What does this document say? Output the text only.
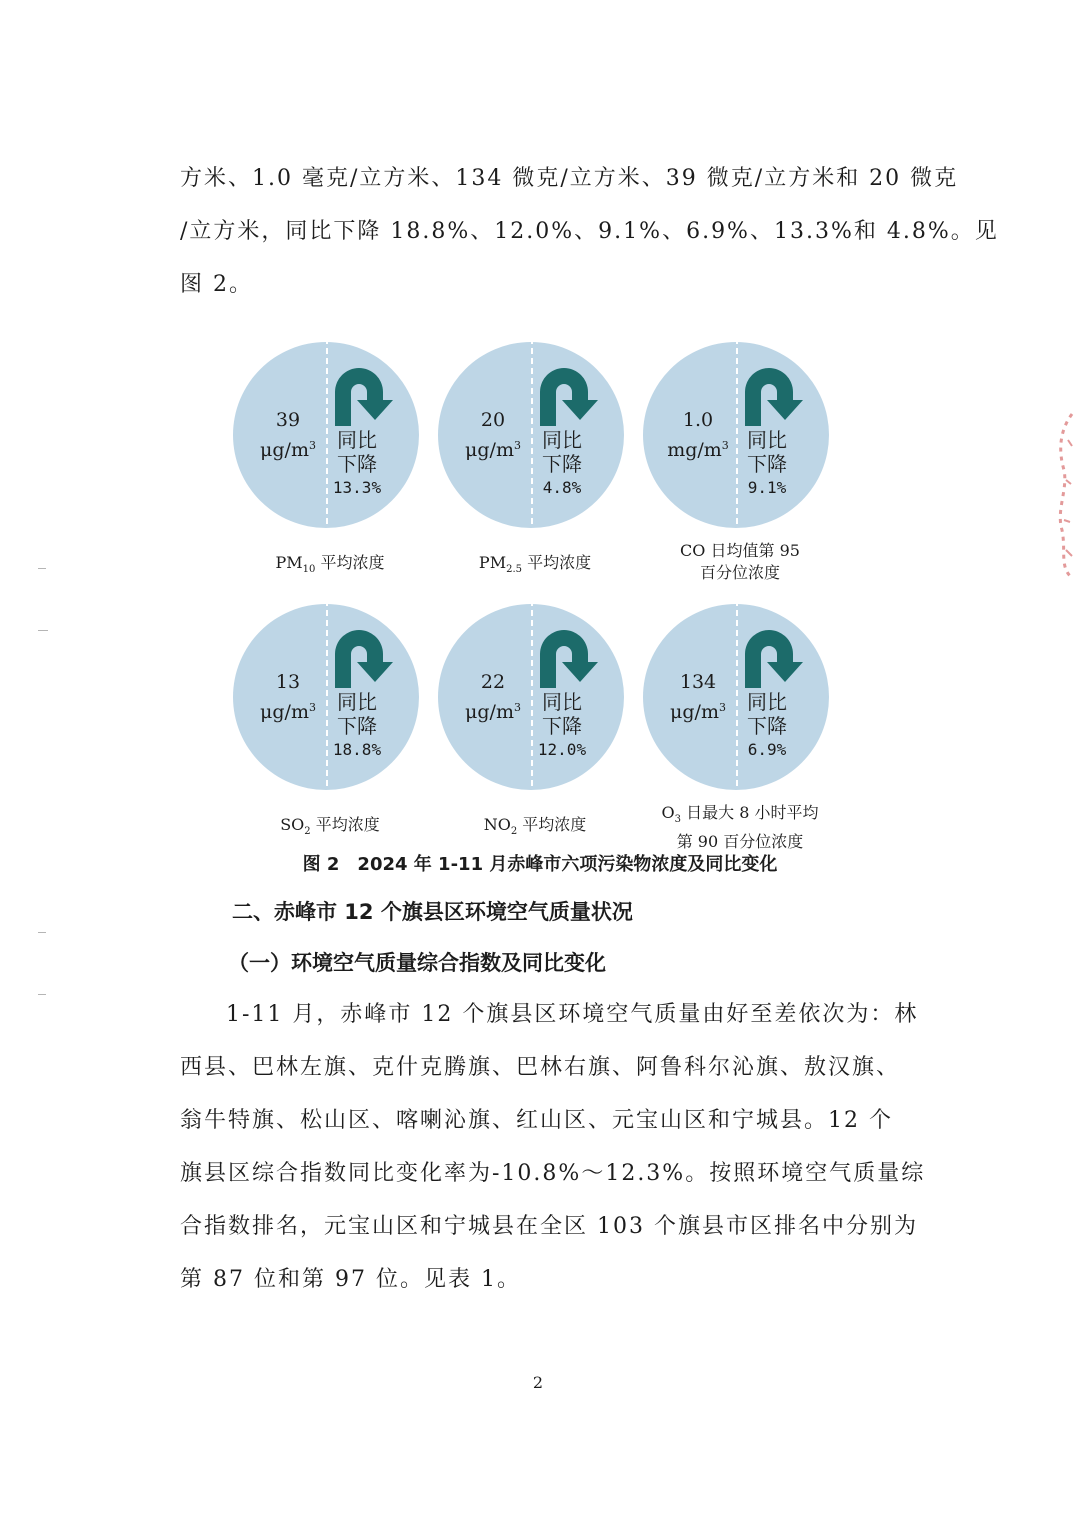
方米、1.0 毫克/立方米、134 微克/立方米、39 微克/立方米和 20 微克
/立方米，同比下降 18.8%、12.0%、9.1%、6.9%、13.3%和 4.8%。见
图 2。

39
$\mu g/m^3$	同比
下降
13.3%
$PM_{10}$ 平均浓度
20
$\mu g/m^3$	同比
下降
4.8%
$PM_{2.5}$ 平均浓度
1.0
$mg/m^3$ 同比
下降
9.1%
CO 日均值第 95
百分位浓度
13
$\mu g/m^3$	同比
下降
18.8%
$SO_2$ 平均浓度
22
$\mu g/m^3$	同比
下降
12.0%
$NO_2$ 平均浓度
134
$\mu g/m^3$	同比
下降
6.9%
$O_3$ 日最大 8 小时平均
第 90 百分位浓度
图 2　2024 年 1-11 月赤峰市六项污染物浓度及同比变化
二、赤峰市 12 个旗县区环境空气质量状况
（一）环境空气质量综合指数及同比变化

1-11 月，赤峰市 12 个旗县区环境空气质量由好至差依次为：林
西县、巴林左旗、克什克腾旗、巴林右旗、阿鲁科尔沁旗、敖汉旗、
翁牛特旗、松山区、喀喇沁旗、红山区、元宝山区和宁城县。12 个
旗县区综合指数同比变化率为-10.8%～12.3%。按照环境空气质量综
合指数排名，元宝山区和宁城县在全区 103 个旗县市区排名中分别为
第 87 位和第 97 位。见表 1。

2
